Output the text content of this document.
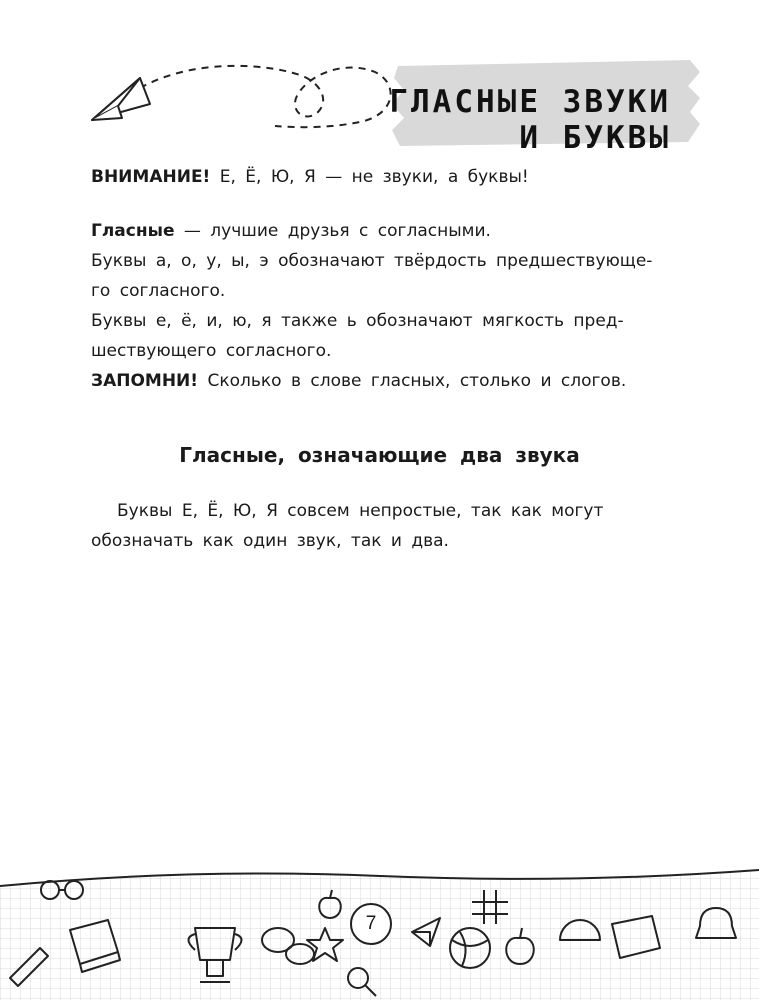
ГЛАСНЫЕ ЗВУКИ
И БУКВЫ

ВНИМАНИЕ! Е, Ё, Ю, Я — не звуки, а буквы!

Гласные — лучшие друзья с согласными.

Буквы а, о, у, ы, э обозначают твёрдость предшествующе-

го согласного.

Буквы е, ё, и, ю, я также ь обозначают мягкость пред-

шествующего согласного.

ЗАПОМНИ! Сколько в слове гласных, столько и слогов.

Гласные, означающие два звука

Буквы Е, Ё, Ю, Я совсем непростые, так как могут

обозначать как один звук, так и два.

7
